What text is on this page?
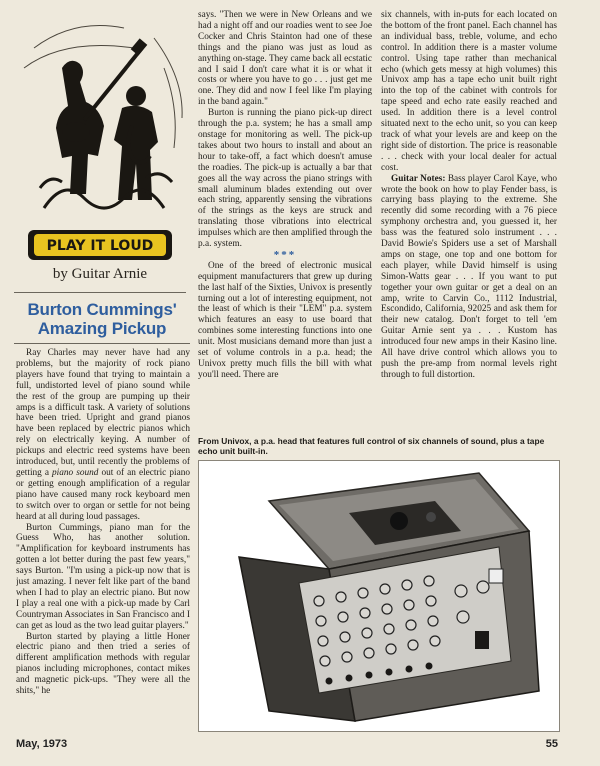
PLAY IT LOUD
by Guitar Arnie
Burton Cummings' Amazing Pickup

Ray Charles may never have had any problems, but the majority of rock piano players have found that trying to maintain a full, undistorted level of piano sound while the rest of the group are pumping up their amps is a difficult task. A variety of solutions have been tried. Upright and grand pianos have been replaced by electric pianos which rely on electrically keying. A number of pickups and electric reed systems have been introduced, but, until recently the problems of getting a piano sound out of an electric piano or getting enough amplification of a regular piano have caused many rock keyboard men to switch over to organ or settle for not being heard at all during loud passages.

Burton Cummings, piano man for the Guess Who, has another solution. "Amplification for keyboard instruments has gotten a lot better during the past few years," says Burton. "I'm using a pick-up now that is just amazing. I never felt like part of the band when I had to play an electric piano. But now I play a real one with a pick-up made by Carl Countryman Associates in San Francisco and I can get as loud as the two lead guitar players."

Burton started by playing a little Honer electric piano and then tried a series of different amplification methods with regular pianos including microphones, contact mikes and magnetic pick-ups. "They were all the shits," he

says. "Then we were in New Orleans and we had a night off and our roadies went to see Joe Cocker and Chris Stainton had one of these things and the piano was just as loud as anything on-stage. They came back all ecstatic and I said I don't care what it is or what it costs or where you have to go . . . just get me one. They did and now I feel like I'm playing in the band again."

Burton is running the piano pick-up direct through the p.a. system; he has a small amp onstage for monitoring as well. The pick-up takes about two hours to install and about an hour to take-off, a fact which doesn't amuse the roadies. The pick-up is actually a bar that goes all the way across the piano strings with small aluminum blades extending out over each string, apparently sensing the vibrations of the strings as the keys are struck and translating those vibrations into electrical impulses which are then amplified through the p.a. system.

***

One of the breed of electronic musical equipment manufacturers that grew up during the last half of the Sixties, Univox is presently turning out a lot of interesting equipment, not the least of which is their "LEM" p.a. system which features an easy to use board that combines some interesting functions into one unit. Most musicians demand more than just a set of volume controls in a p.a. head; the Univox pretty much fills the bill with what you'll need. There are

six channels, with in-puts for each located on the bottom of the front panel. Each channel has an individual bass, treble, volume, and echo control. In addition there is a master volume control. Using tape rather than mechanical echo (which gets messy at high volumes) this Univox amp has a tape echo unit built right into the top of the cabinet with controls for tape speed and echo rate easily reached and used. In addition there is a level control situated next to the echo unit, so you can keep track of what your levels are and keep on the right side of distortion. The price is reasonable . . . check with your local dealer for actual cost.

Guitar Notes: Bass player Carol Kaye, who wrote the book on how to play Fender bass, is carrying bass playing to the extreme. She recently did some recording with a 76 piece symphony orchestra and, you guessed it, her bass was the featured solo instrument . . . David Bowie's Spiders use a set of Marshall amps on stage, one top and one bottom for each player, while David himself is using Simon-Watts gear . . . If you want to put together your own guitar or get a deal on an amp, write to Carvin Co., 1112 Industrial, Escondido, California, 92025 and ask them for their new catalog. Don't forget to tell 'em Guitar Arnie sent ya . . . Kustom has introduced four new amps in their Kasino line. All have drive control which allows you to push the pre-amp from normal levels right through to full distortion.

From Univox, a p.a. head that features full control of six channels of sound, plus a tape echo unit built-in.
May, 1973	55
